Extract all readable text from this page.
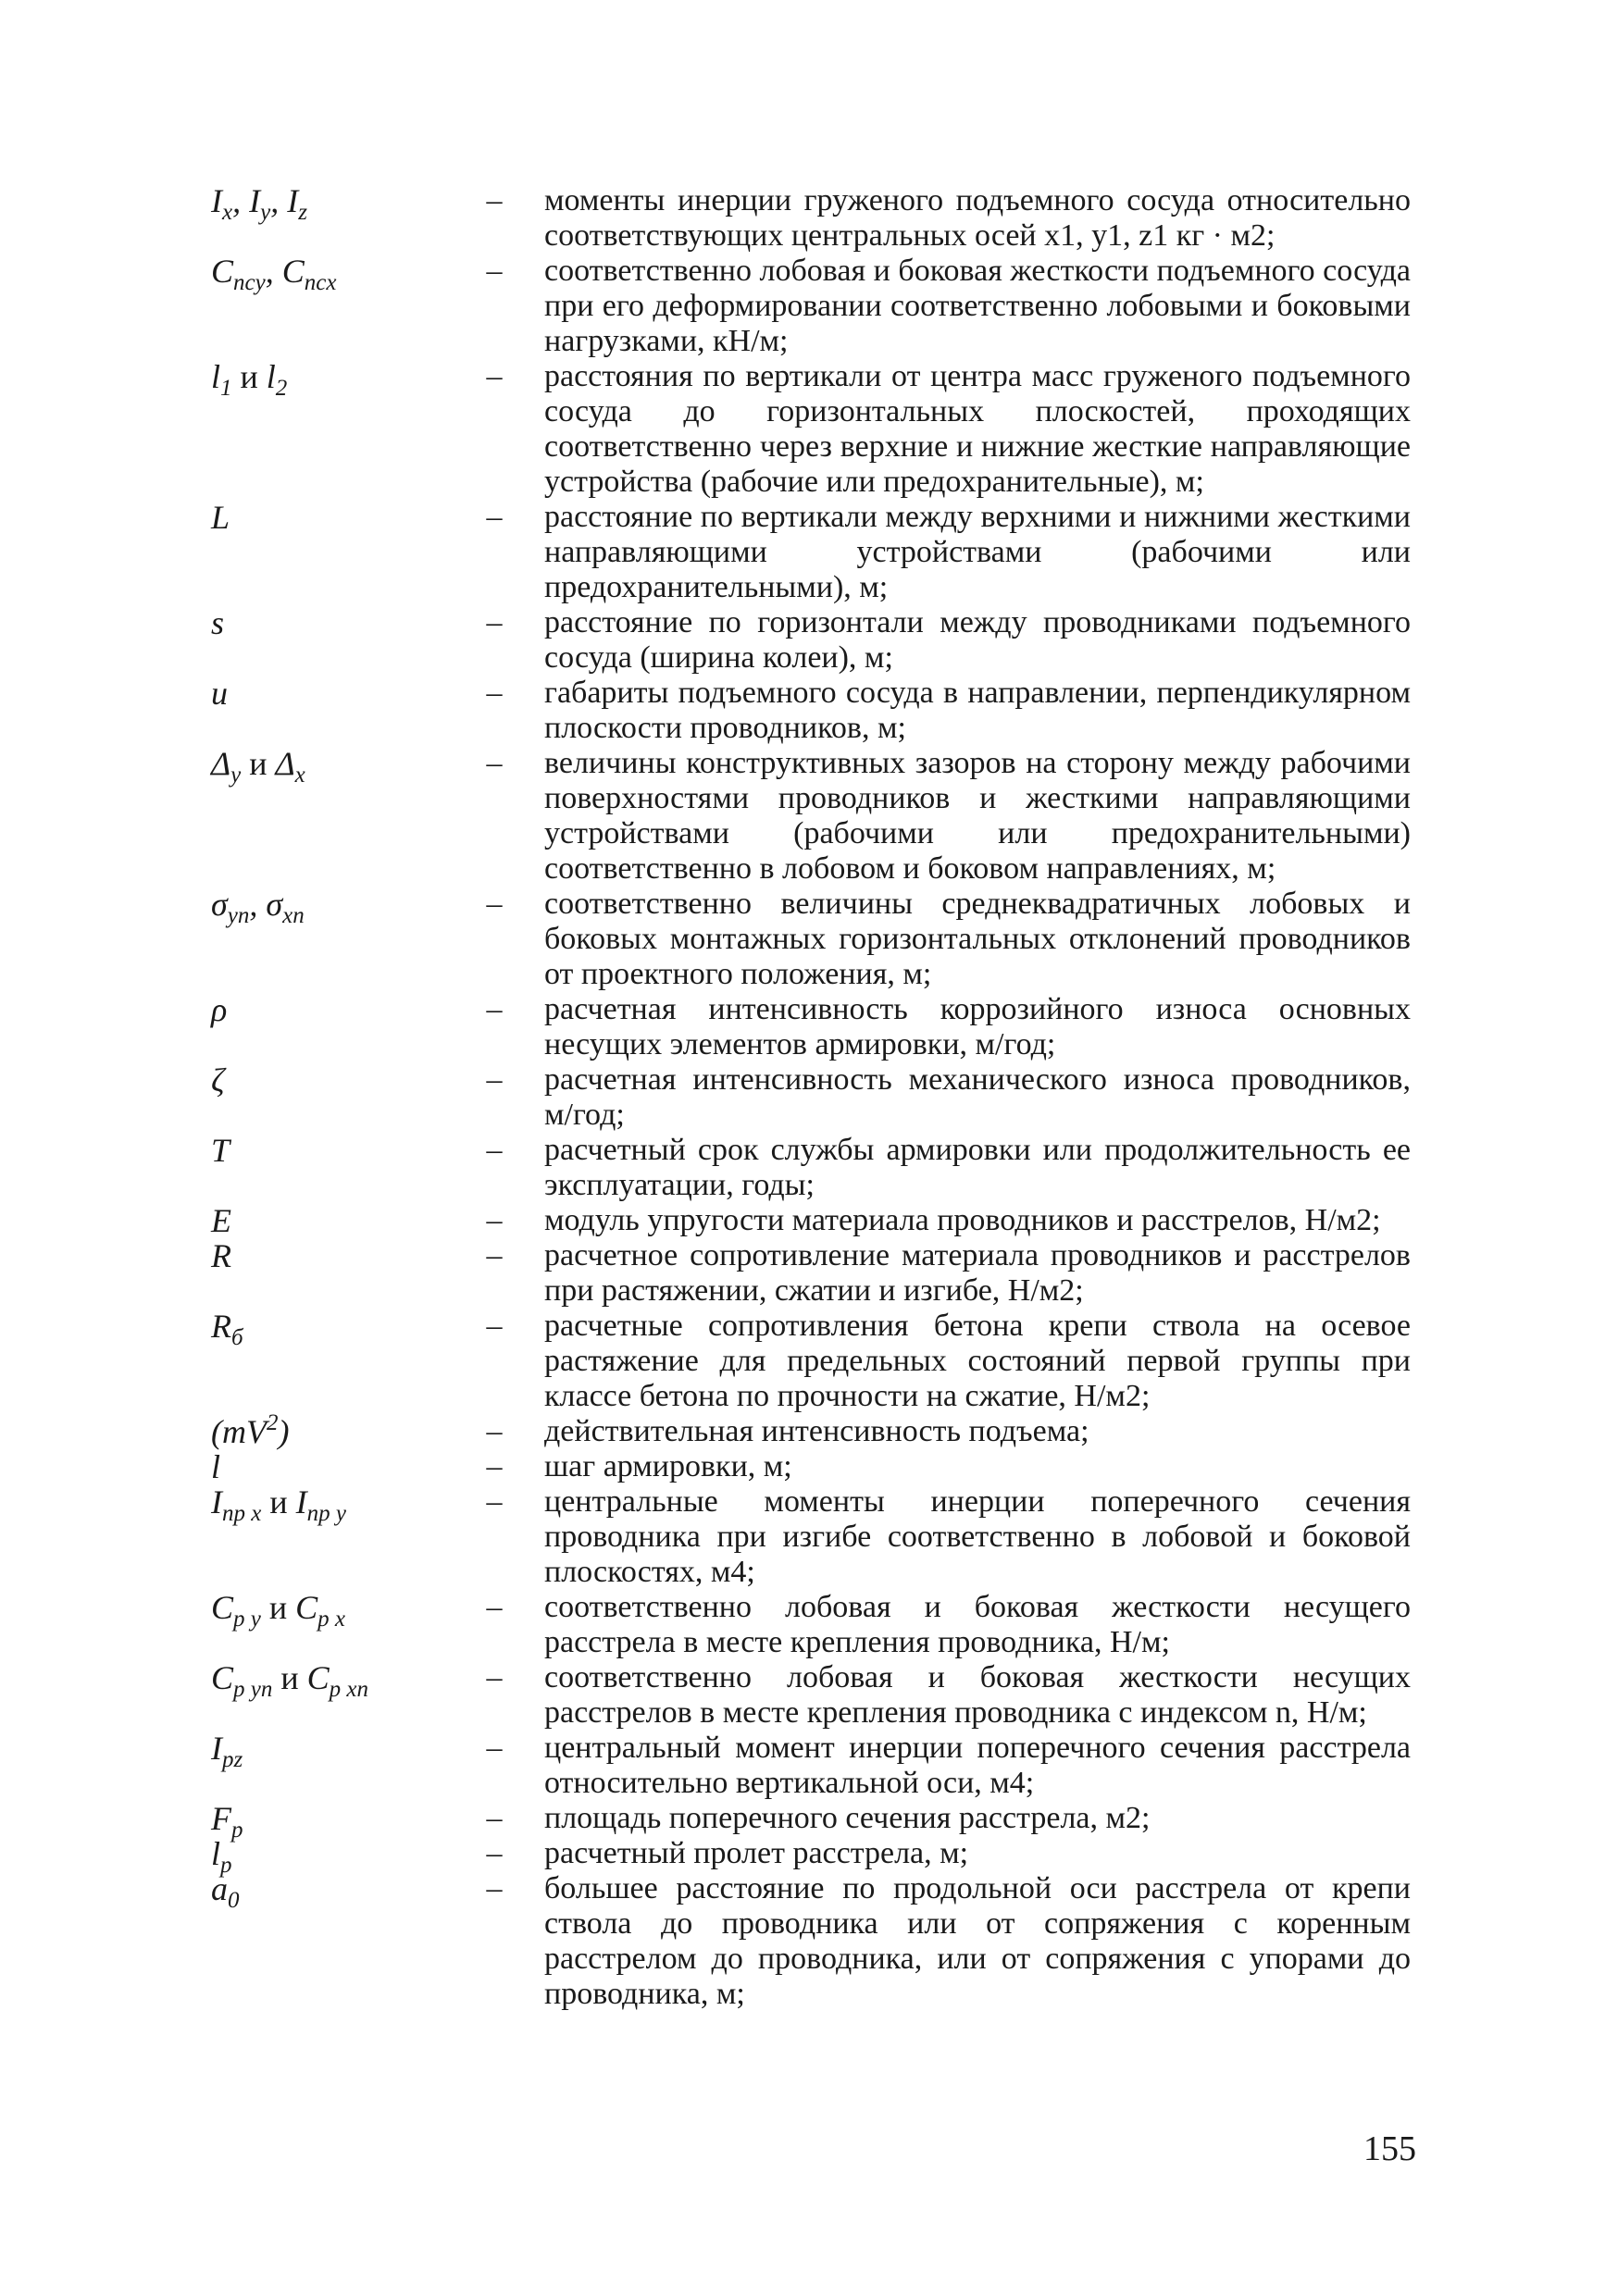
$I_x$, $I_y$, $I_z$	– моменты инерции груженого подъемного сосуда относительно соответствующих центральных осей x1, y1, z1 кг · м2;
$C_{псy}$, $C_{псx}$	– соответственно лобовая и боковая жесткости подъемного сосуда при его деформировании соответственно лобовыми и боковыми нагрузками, кН/м;
$l_1$ и $l_2$	– расстояния по вертикали от центра масс груженого подъемного сосуда до горизонтальных плоскостей, проходящих соответственно через верхние и нижние жесткие направляющие устройства (рабочие или предохранительные), м;
L	– расстояние по вертикали между верхними и нижними жесткими направляющими устройствами (рабочими или предохранительными), м;
s	– расстояние по горизонтали между проводниками подъемного сосуда (ширина колеи), м;
u	– габариты подъемного сосуда в направлении, перпендикулярном плоскости проводников, м;
$\Delta_y$ и $\Delta_x$	– величины конструктивных зазоров на сторону между рабочими поверхностями проводников и жесткими направляющими устройствами (рабочими или предохранительными) соответственно в лобовом и боковом направлениях, м;
$\sigma_{yn}$, $\sigma_{xn}$	– соответственно величины среднеквадратичных лобовых и боковых монтажных горизонтальных отклонений проводников от проектного положения, м;
ρ	– расчетная интенсивность коррозийного износа основных несущих элементов армировки, м/год;
ζ	– расчетная интенсивность механического износа проводников, м/год;
T	– расчетный срок службы армировки или продолжительность ее эксплуатации, годы;
E	– модуль упругости материала проводников и расстрелов, Н/м2;
R	– расчетное сопротивление материала проводников и расстрелов при растяжении, сжатии и изгибе, Н/м2;
$R_б$	– расчетные сопротивления бетона крепи ствола на осевое растяжение для предельных состояний первой группы при классе бетона по прочности на сжатие, Н/м2;
$(mV^2)$	– действительная интенсивность подъема;
l	– шаг армировки, м;
$I_{пр x}$ и $I_{пр y}$	– центральные моменты инерции поперечного сечения проводника при изгибе соответственно в лобовой и боковой плоскостях, м4;
$C_{p y}$ и $C_{p x}$	– соответственно лобовая и боковая жесткости несущего расстрела в месте крепления проводника, Н/м;
$C_{p yn}$ и $C_{p xn}$	– соответственно лобовая и боковая жесткости несущих расстрелов в месте крепления проводника с индексом n, Н/м;
$I_{pz}$	– центральный момент инерции поперечного сечения расстрела относительно вертикальной оси, м4;
$F_p$	– площадь поперечного сечения расстрела, м2;
$l_p$	– расчетный пролет расстрела, м;
$a_0$	– большее расстояние по продольной оси расстрела от крепи ствола до проводника или от сопряжения с коренным расстрелом до проводника, или от сопряжения с упорами до проводника, м;
155
